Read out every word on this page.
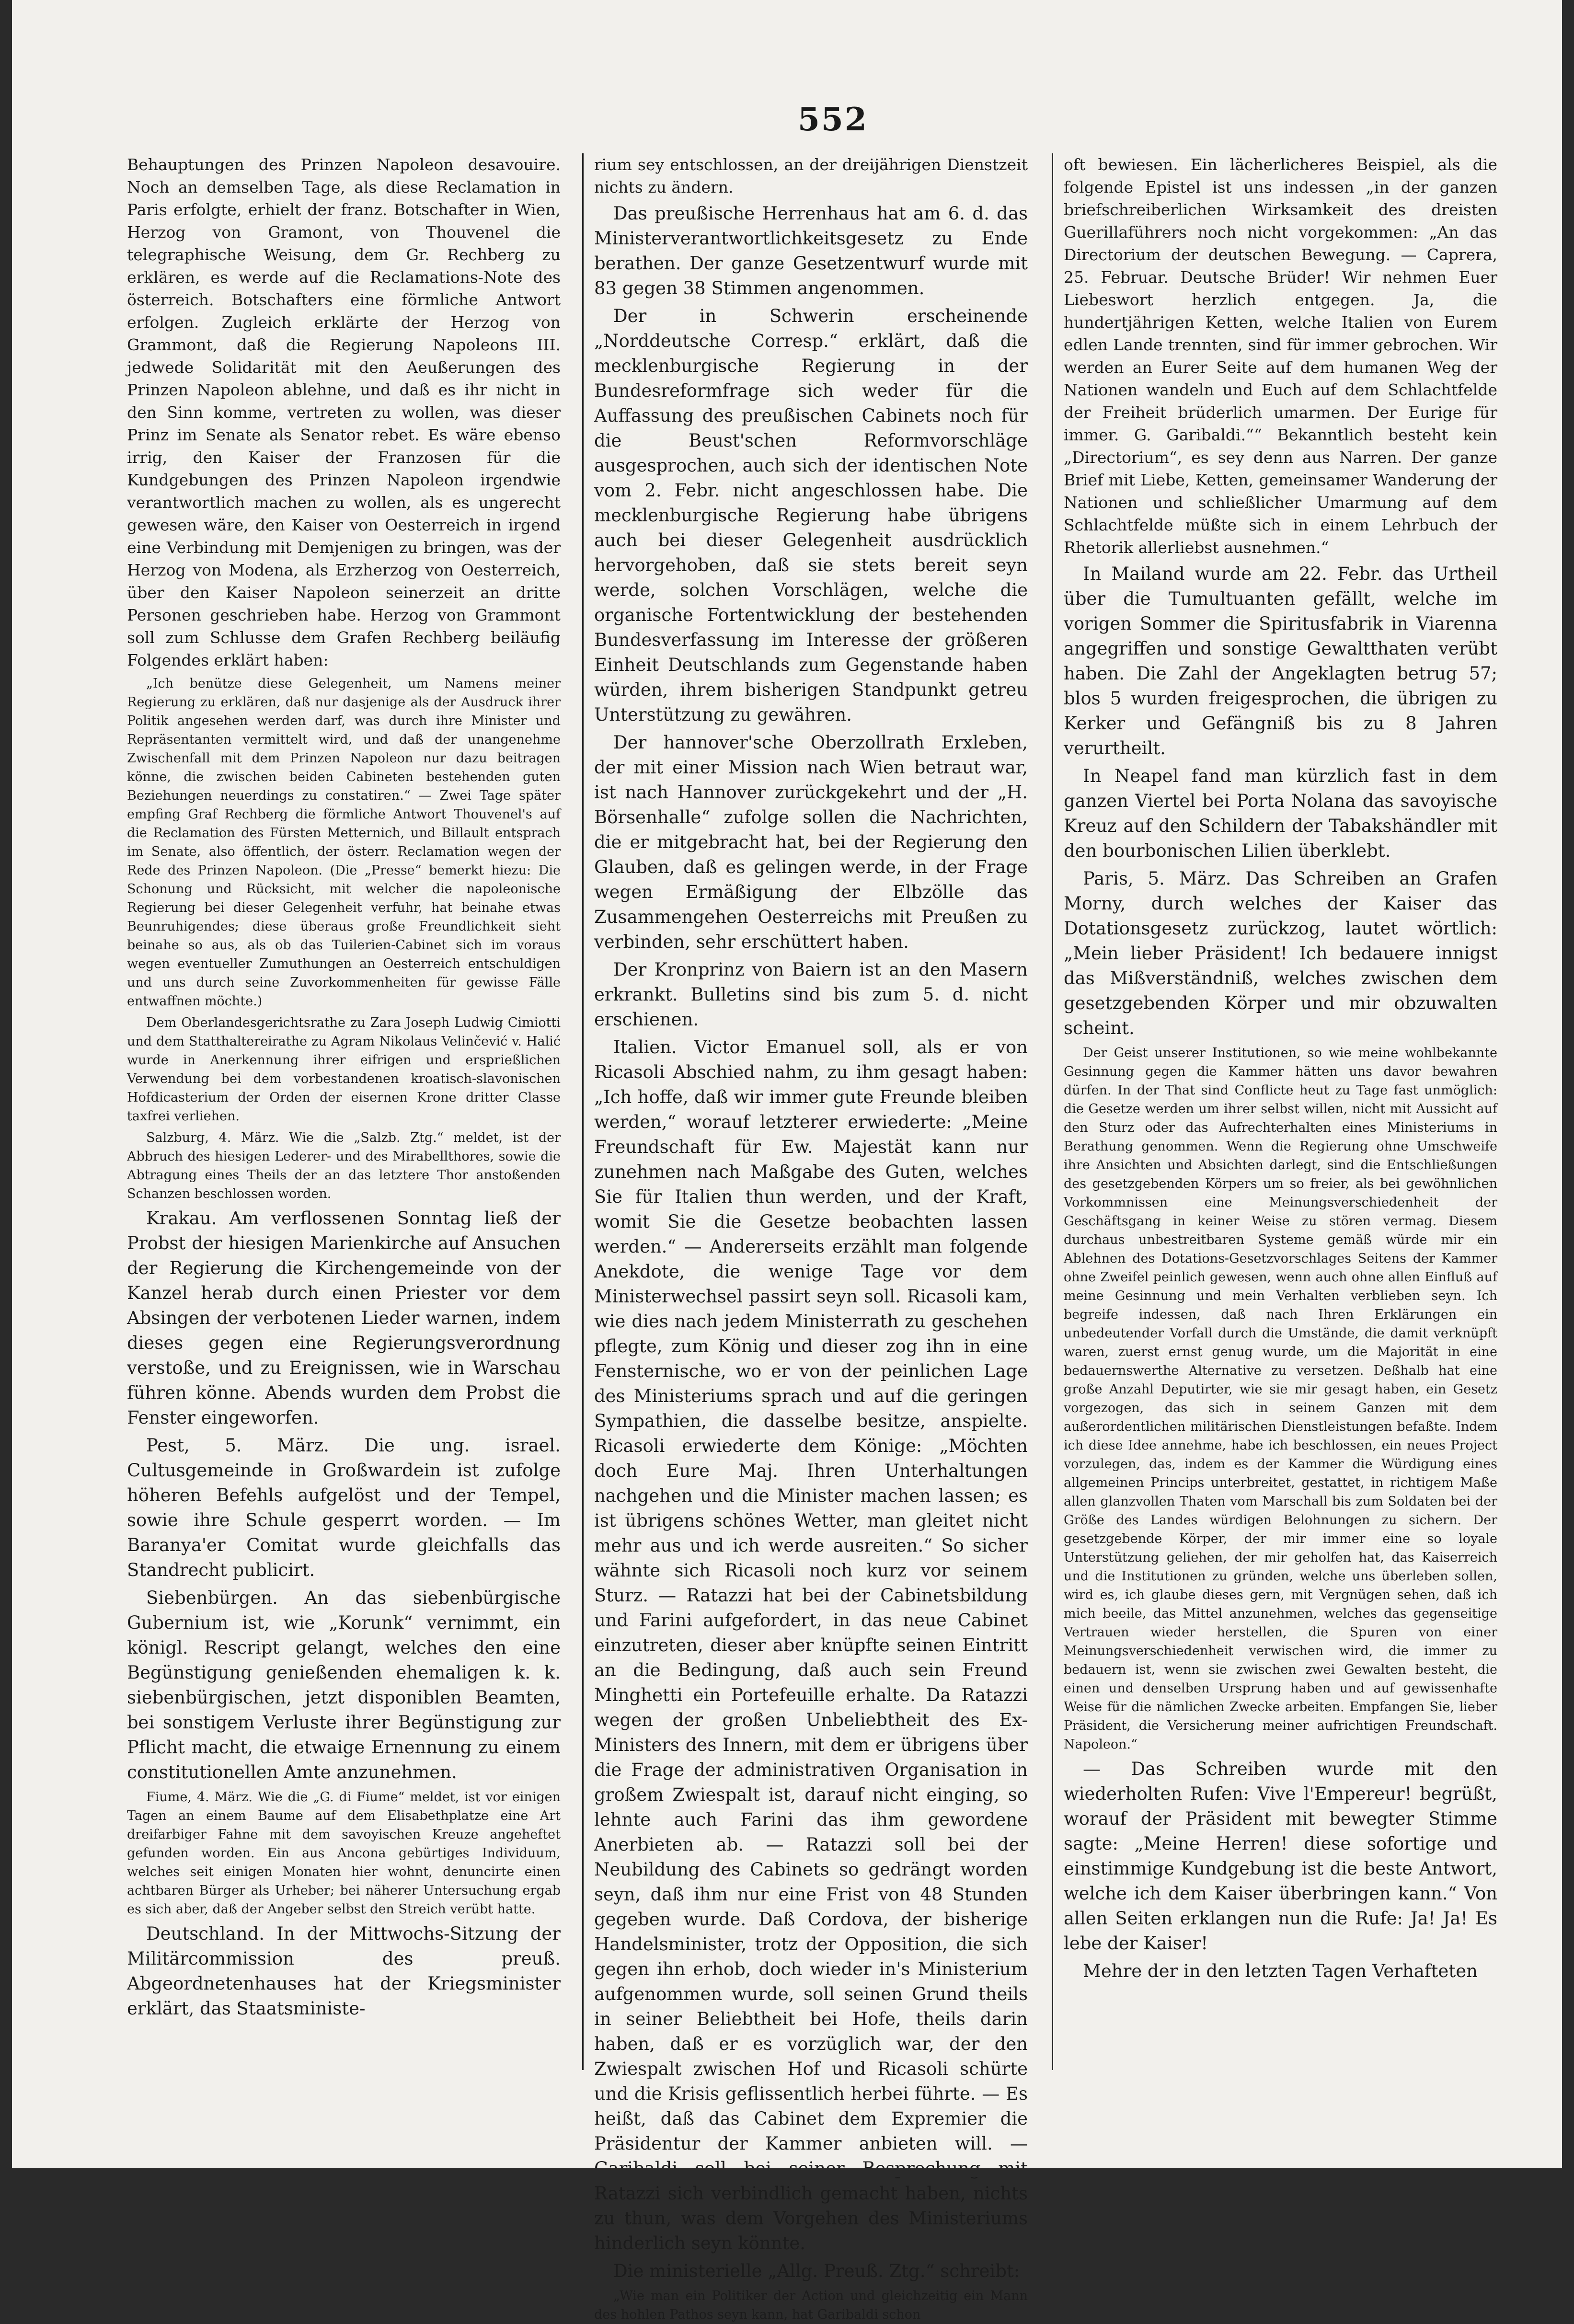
552

Behauptungen des Prinzen Napoleon desavouire. Noch an demselben Tage, als diese Reclamation in Paris erfolgte, erhielt der franz. Botschafter in Wien, Herzog von Gramont, von Thouvenel die telegraphische Weisung, dem Gr. Rechberg zu erklären, es werde auf die Reclamations-Note des österreich. Botschafters eine förmliche Antwort erfolgen. Zugleich erklärte der Herzog von Grammont, daß die Regierung Napoleons III. jedwede Solidarität mit den Aeußerungen des Prinzen Napoleon ablehne, und daß es ihr nicht in den Sinn komme, vertreten zu wollen, was dieser Prinz im Senate als Senator rebet. Es wäre ebenso irrig, den Kaiser der Franzosen für die Kundgebungen des Prinzen Napoleon irgendwie verantwortlich machen zu wollen, als es ungerecht gewesen wäre, den Kaiser von Oesterreich in irgend eine Verbindung mit Demjenigen zu bringen, was der Herzog von Modena, als Erzherzog von Oesterreich, über den Kaiser Napoleon seinerzeit an dritte Personen geschrieben habe. Herzog von Grammont soll zum Schlusse dem Grafen Rechberg beiläufig Folgendes erklärt haben:

„Ich benütze diese Gelegenheit, um Namens meiner Regierung zu erklären, daß nur dasjenige als der Ausdruck ihrer Politik angesehen werden darf, was durch ihre Minister und Repräsentanten vermittelt wird, und daß der unangenehme Zwischenfall mit dem Prinzen Napoleon nur dazu beitragen könne, die zwischen beiden Cabineten bestehenden guten Beziehungen neuerdings zu constatiren.“ — Zwei Tage später empfing Graf Rechberg die förmliche Antwort Thouvenel's auf die Reclamation des Fürsten Metternich, und Billault entsprach im Senate, also öffentlich, der österr. Reclamation wegen der Rede des Prinzen Napoleon. (Die „Presse“ bemerkt hiezu: Die Schonung und Rücksicht, mit welcher die napoleonische Regierung bei dieser Gelegenheit verfuhr, hat beinahe etwas Beunruhigendes; diese überaus große Freundlichkeit sieht beinahe so aus, als ob das Tuilerien-Cabinet sich im voraus wegen eventueller Zumuthungen an Oesterreich entschuldigen und uns durch seine Zuvorkommenheiten für gewisse Fälle entwaffnen möchte.)

Dem Oberlandesgerichtsrathe zu Zara Joseph Ludwig Cimiotti und dem Statthaltereirathe zu Agram Nikolaus Velinčević v. Halić wurde in Anerkennung ihrer eifrigen und ersprießlichen Verwendung bei dem vorbestandenen kroatisch-slavonischen Hofdicasterium der Orden der eisernen Krone dritter Classe taxfrei verliehen.

Salzburg, 4. März. Wie die „Salzb. Ztg.“ meldet, ist der Abbruch des hiesigen Lederer- und des Mirabellthores, sowie die Abtragung eines Theils der an das letztere Thor anstoßenden Schanzen beschlossen worden.

Krakau. Am verflossenen Sonntag ließ der Probst der hiesigen Marienkirche auf Ansuchen der Regierung die Kirchengemeinde von der Kanzel herab durch einen Priester vor dem Absingen der verbotenen Lieder warnen, indem dieses gegen eine Regierungsverordnung verstoße, und zu Ereignissen, wie in Warschau führen könne. Abends wurden dem Probst die Fenster eingeworfen.

Pest, 5. März. Die ung. israel. Cultusgemeinde in Großwardein ist zufolge höheren Befehls aufgelöst und der Tempel, sowie ihre Schule gesperrt worden. — Im Baranya'er Comitat wurde gleichfalls das Standrecht publicirt.

Siebenbürgen. An das siebenbürgische Gubernium ist, wie „Korunk“ vernimmt, ein königl. Rescript gelangt, welches den eine Begünstigung genießenden ehemaligen k. k. siebenbürgischen, jetzt disponiblen Beamten, bei sonstigem Verluste ihrer Begünstigung zur Pflicht macht, die etwaige Ernennung zu einem constitutionellen Amte anzunehmen.

Fiume, 4. März. Wie die „G. di Fiume“ meldet, ist vor einigen Tagen an einem Baume auf dem Elisabethplatze eine Art dreifarbiger Fahne mit dem savoyischen Kreuze angeheftet gefunden worden. Ein aus Ancona gebürtiges Individuum, welches seit einigen Monaten hier wohnt, denuncirte einen achtbaren Bürger als Urheber; bei näherer Untersuchung ergab es sich aber, daß der Angeber selbst den Streich verübt hatte.

Deutschland. In der Mittwochs-Sitzung der Militärcommission des preuß. Abgeordnetenhauses hat der Kriegsminister erklärt, das Staatsministe-

rium sey entschlossen, an der dreijährigen Dienstzeit nichts zu ändern.

Das preußische Herrenhaus hat am 6. d. das Ministerverantwortlichkeitsgesetz zu Ende berathen. Der ganze Gesetzentwurf wurde mit 83 gegen 38 Stimmen angenommen.

Der in Schwerin erscheinende „Norddeutsche Corresp.“ erklärt, daß die mecklenburgische Regierung in der Bundesreformfrage sich weder für die Auffassung des preußischen Cabinets noch für die Beust'schen Reformvorschläge ausgesprochen, auch sich der identischen Note vom 2. Febr. nicht angeschlossen habe. Die mecklenburgische Regierung habe übrigens auch bei dieser Gelegenheit ausdrücklich hervorgehoben, daß sie stets bereit seyn werde, solchen Vorschlägen, welche die organische Fortentwicklung der bestehenden Bundesverfassung im Interesse der größeren Einheit Deutschlands zum Gegenstande haben würden, ihrem bisherigen Standpunkt getreu Unterstützung zu gewähren.

Der hannover'sche Oberzollrath Erxleben, der mit einer Mission nach Wien betraut war, ist nach Hannover zurückgekehrt und der „H. Börsenhalle“ zufolge sollen die Nachrichten, die er mitgebracht hat, bei der Regierung den Glauben, daß es gelingen werde, in der Frage wegen Ermäßigung der Elbzölle das Zusammengehen Oesterreichs mit Preußen zu verbinden, sehr erschüttert haben.

Der Kronprinz von Baiern ist an den Masern erkrankt. Bulletins sind bis zum 5. d. nicht erschienen.

Italien. Victor Emanuel soll, als er von Ricasoli Abschied nahm, zu ihm gesagt haben: „Ich hoffe, daß wir immer gute Freunde bleiben werden,“ worauf letzterer erwiederte: „Meine Freundschaft für Ew. Majestät kann nur zunehmen nach Maßgabe des Guten, welches Sie für Italien thun werden, und der Kraft, womit Sie die Gesetze beobachten lassen werden.“ — Andererseits erzählt man folgende Anekdote, die wenige Tage vor dem Ministerwechsel passirt seyn soll. Ricasoli kam, wie dies nach jedem Ministerrath zu geschehen pflegte, zum König und dieser zog ihn in eine Fensternische, wo er von der peinlichen Lage des Ministeriums sprach und auf die geringen Sympathien, die dasselbe besitze, anspielte. Ricasoli erwiederte dem Könige: „Möchten doch Eure Maj. Ihren Unterhaltungen nachgehen und die Minister machen lassen; es ist übrigens schönes Wetter, man gleitet nicht mehr aus und ich werde ausreiten.“ So sicher wähnte sich Ricasoli noch kurz vor seinem Sturz. — Ratazzi hat bei der Cabinetsbildung und Farini aufgefordert, in das neue Cabinet einzutreten, dieser aber knüpfte seinen Eintritt an die Bedingung, daß auch sein Freund Minghetti ein Portefeuille erhalte. Da Ratazzi wegen der großen Unbeliebtheit des Ex-Ministers des Innern, mit dem er übrigens über die Frage der administrativen Organisation in großem Zwiespalt ist, darauf nicht einging, so lehnte auch Farini das ihm gewordene Anerbieten ab. — Ratazzi soll bei der Neubildung des Cabinets so gedrängt worden seyn, daß ihm nur eine Frist von 48 Stunden gegeben wurde. Daß Cordova, der bisherige Handelsminister, trotz der Opposition, die sich gegen ihn erhob, doch wieder in's Ministerium aufgenommen wurde, soll seinen Grund theils in seiner Beliebtheit bei Hofe, theils darin haben, daß er es vorzüglich war, der den Zwiespalt zwischen Hof und Ricasoli schürte und die Krisis geflissentlich herbei führte. — Es heißt, daß das Cabinet dem Expremier die Präsidentur der Kammer anbieten will. — Ratazzi sich verbindlich gemacht haben, nichts zu thun, was dem Vorgehen des Ministeriums hinderlich seyn könnte.

Die ministerielle „Allg. Preuß. Ztg.“ schreibt:

„Wie man ein Politiker der Action und gleichzeitig ein Mann des hohlen Pathos seyn kann, hat Garibaldi schon

oft bewiesen. Ein lächerlicheres Beispiel, als die folgende Epistel ist uns indessen „in der ganzen briefschreiberlichen Wirksamkeit des dreisten Guerillaführers noch nicht vorgekommen: „An das Directorium der deutschen Bewegung. — Caprera, 25. Februar. Deutsche Brüder! Wir nehmen Euer Liebeswort herzlich entgegen. Ja, die hundertjährigen Ketten, welche Italien von Eurem edlen Lande trennten, sind für immer gebrochen. Wir werden an Eurer Seite auf dem humanen Weg der Nationen wandeln und Euch auf dem Schlachtfelde der Freiheit brüderlich umarmen. Der Eurige für immer. G. Garibaldi.““ Bekanntlich besteht kein „Directorium“, es sey denn aus Narren. Der ganze Brief mit Liebe, Ketten, gemeinsamer Wanderung der Nationen und schließlicher Umarmung auf dem Schlachtfelde müßte sich in einem Lehrbuch der Rhetorik allerliebst ausnehmen.“

In Mailand wurde am 22. Febr. das Urtheil über die Tumultuanten gefällt, welche im vorigen Sommer die Spiritusfabrik in Viarenna angegriffen und sonstige Gewaltthaten verübt haben. Die Zahl der Angeklagten betrug 57; blos 5 wurden freigesprochen, die übrigen zu Kerker und Gefängniß bis zu 8 Jahren verurtheilt.

In Neapel fand man kürzlich fast in dem ganzen Viertel bei Porta Nolana das savoyische Kreuz auf den Schildern der Tabakshändler mit den bourbonischen Lilien überklebt.

Paris, 5. März. Das Schreiben an Grafen Morny, durch welches der Kaiser das Dotationsgesetz zurückzog, lautet wörtlich: „Mein lieber Präsident! Ich bedauere innigst das Mißverständniß, welches zwischen dem gesetzgebenden Körper und mir obzuwalten scheint.

Der Geist unserer Institutionen, so wie meine wohlbekannte Gesinnung gegen die Kammer hätten uns davor bewahren dürfen. In der That sind Conflicte heut zu Tage fast unmöglich: die Gesetze werden um ihrer selbst willen, nicht mit Aussicht auf den Sturz oder das Aufrechterhalten eines Ministeriums in Berathung genommen. Wenn die Regierung ohne Umschweife ihre Ansichten und Absichten darlegt, sind die Entschließungen des gesetzgebenden Körpers um so freier, als bei gewöhnlichen Vorkommnissen eine Meinungsverschiedenheit der Geschäftsgang in keiner Weise zu stören vermag. Diesem durchaus unbestreitbaren Systeme gemäß würde mir ein Ablehnen des Dotations-Gesetzvorschlages Seitens der Kammer ohne Zweifel peinlich gewesen, wenn auch ohne allen Einfluß auf meine Gesinnung und mein Verhalten verblieben seyn. Ich begreife indessen, daß nach Ihren Erklärungen ein unbedeutender Vorfall durch die Umstände, die damit verknüpft waren, zuerst ernst genug wurde, um die Majorität in eine bedauernswerthe Alternative zu versetzen. Deßhalb hat eine große Anzahl Deputirter, wie sie mir gesagt haben, ein Gesetz vorgezogen, das sich in seinem Ganzen mit dem außerordentlichen militärischen Dienstleistungen befaßte. Indem ich diese Idee annehme, habe ich beschlossen, ein neues Project vorzulegen, das, indem es der Kammer die Würdigung eines allgemeinen Princips unterbreitet, gestattet, in richtigem Maße allen glanzvollen Thaten vom Marschall bis zum Soldaten bei der Größe des Landes würdigen Belohnungen zu sichern. Der gesetzgebende Körper, der mir immer eine so loyale Unterstützung geliehen, der mir geholfen hat, das Kaiserreich und die Institutionen zu gründen, welche uns überleben sollen, wird es, ich glaube dieses gern, mit Vergnügen sehen, daß ich mich beeile, das Mittel anzunehmen, welches das gegenseitige Vertrauen wieder herstellen, die Spuren von einer Meinungsverschiedenheit verwischen wird, die immer zu bedauern ist, wenn sie zwischen zwei Gewalten besteht, die einen und denselben Ursprung haben und auf gewissenhafte Weise für die nämlichen Zwecke arbeiten. Empfangen Sie, lieber Präsident, die Versicherung meiner aufrichtigen Freundschaft. Napoleon.“

— Das Schreiben wurde mit den wiederholten Rufen: Vive l'Empereur! begrüßt, worauf der Präsident mit bewegter Stimme sagte: „Meine Herren! diese sofortige und einstimmige Kundgebung ist die beste Antwort, welche ich dem Kaiser überbringen kann.“ Von allen Seiten erklangen nun die Rufe: Ja! Ja! Es lebe der Kaiser!

Mehre der in den letzten Tagen Verhafteten
